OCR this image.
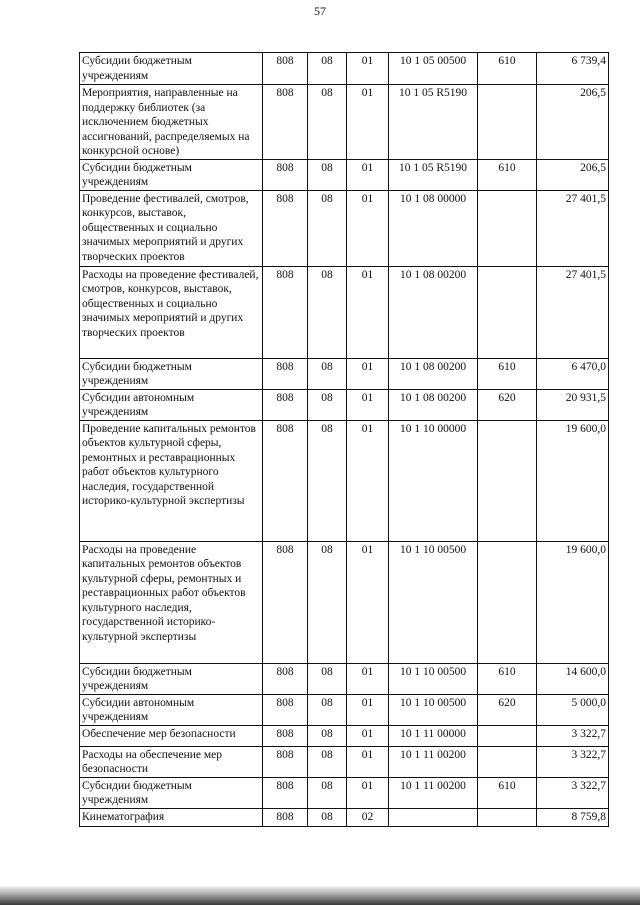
57
Субсидии бюджетным учреждениям	808	08	01	10 1 05 00500	610	6 739,4
Мероприятия, направленные на поддержку библиотек (за исключением бюджетных ассигнований, распределяемых на конкурсной основе)	808	08	01	10 1 05 R5190		206,5
Субсидии бюджетным учреждениям	808	08	01	10 1 05 R5190	610	206,5
Проведение фестивалей, смотров, конкурсов, выставок, общественных и социально значимых мероприятий и других творческих проектов	808	08	01	10 1 08 00000		27 401,5
Расходы на проведение фестивалей, смотров, конкурсов, выставок, общественных и социально значимых мероприятий и других творческих проектов	808	08	01	10 1 08 00200		27 401,5
Субсидии бюджетным учреждениям	808	08	01	10 1 08 00200	610	6 470,0
Субсидии автономным учреждениям	808	08	01	10 1 08 00200	620	20 931,5
Проведение капитальных ремонтов объектов культурной сферы, ремонтных и реставрационных работ объектов культурного наследия, государственной историко-культурной экспертизы	808	08	01	10 1 10 00000		19 600,0
Расходы на проведение капитальных ремонтов объектов культурной сферы, ремонтных и реставрационных работ объектов культурного наследия, государственной историко-культурной экспертизы	808	08	01	10 1 10 00500		19 600,0
Субсидии бюджетным учреждениям	808	08	01	10 1 10 00500	610	14 600,0
Субсидии автономным учреждениям	808	08	01	10 1 10 00500	620	5 000,0
Обеспечение мер безопасности	808	08	01	10 1 11 00000		3 322,7
Расходы на обеспечение мер безопасности	808	08	01	10 1 11 00200		3 322,7
Субсидии бюджетным учреждениям	808	08	01	10 1 11 00200	610	3 322,7
Кинематография	808	08	02			8 759,8
